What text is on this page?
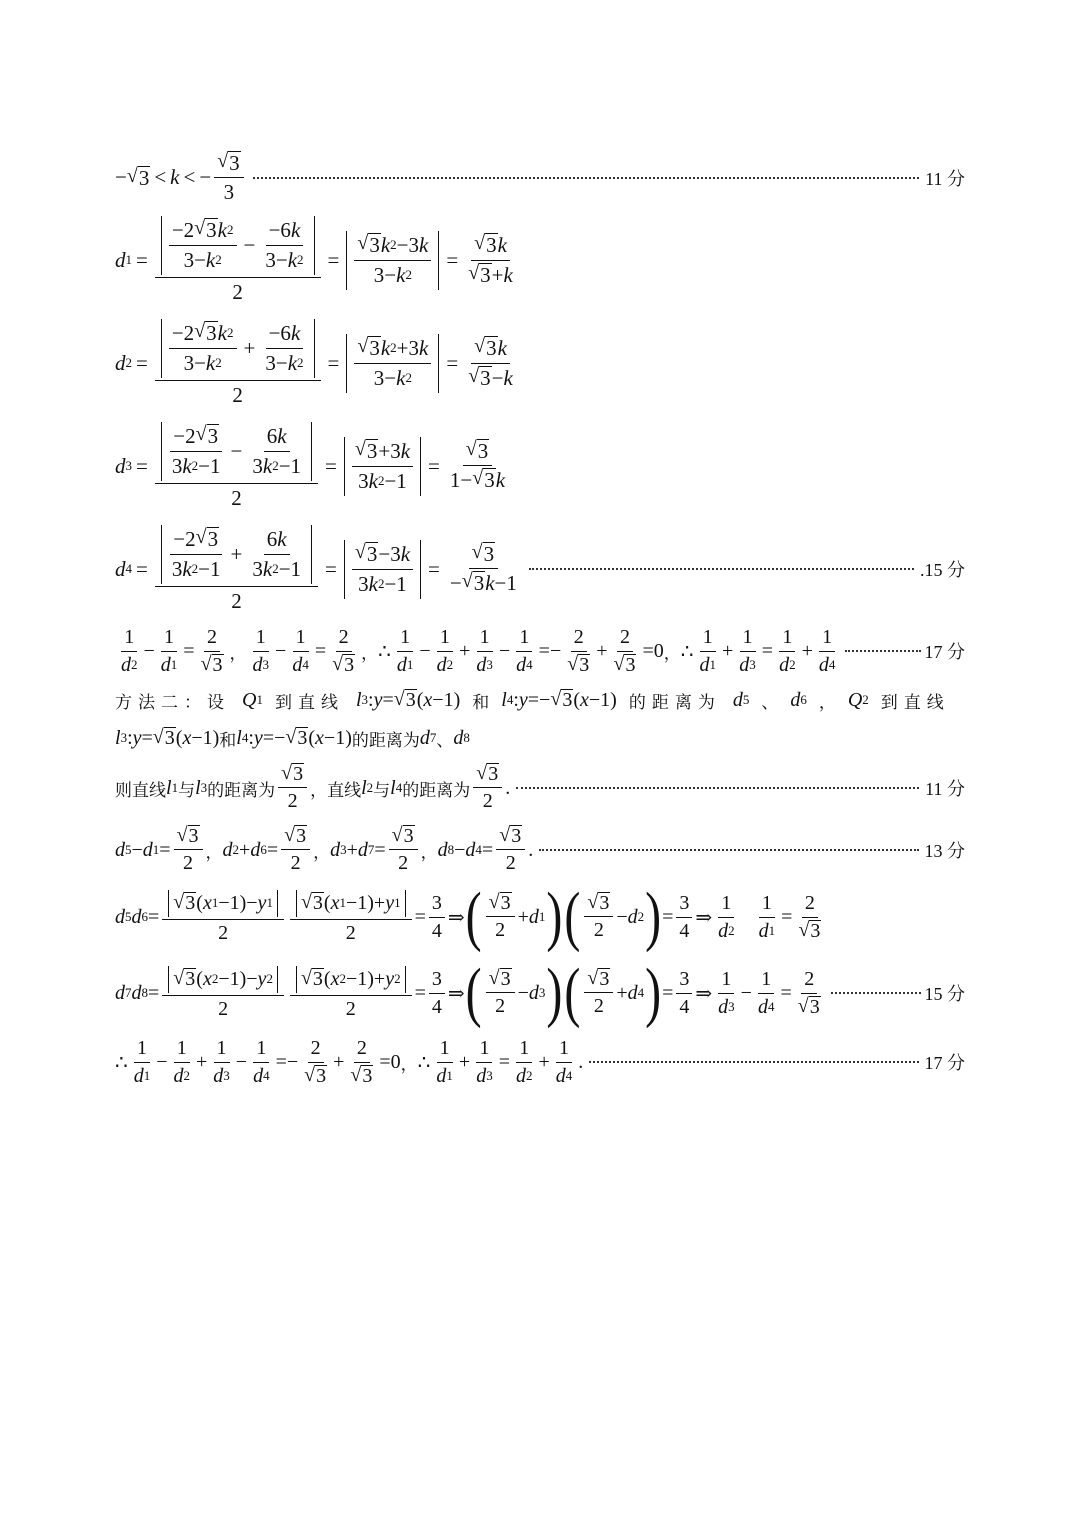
− √ 3 < k < − $\frac{√ 3}{3}$	11 分
d $1 = \frac{\frac{-2 √ 3 k 2}{3- k 2} - \frac{-6 k}{3- k 2}}{2} = \frac{√ 3 k 2 -3 k}{3- k 2} = \frac{√ 3 k}{√ 3 + k}$
d $2 = \frac{\frac{-2 √ 3 k 2}{3- k 2} + \frac{-6 k}{3- k 2}}{2} = \frac{√ 3 k 2 +3 k}{3- k 2} = \frac{√ 3 k}{√ 3 - k}$
d $3 = \frac{\frac{-2 √ 3}{3 k 2 -1} - \frac{6 k}{3 k 2 -1}}{2} = \frac{√ 3 +3 k}{3 k 2 -1} = \frac{√ 3}{1- √ 3 k}$
d $4 = \frac{\frac{-2 √ 3}{3 k 2 -1} + \frac{6 k}{3 k 2 -1}}{2} = \frac{√ 3 -3 k}{3 k 2 -1} = \frac{√ 3}{- √ 3 k -1}$	.15 分
$\frac{1}{d 2} - \frac{1}{d 1} = \frac{2}{√ 3}$ ， $\frac{1}{d 3} - \frac{1}{d 4} = \frac{2}{√ 3}$ ， ∴ $\frac{1}{d 1} - \frac{1}{d 2} + \frac{1}{d 3} - \frac{1}{d 4} =- \frac{2}{√ 3} + \frac{2}{√ 3} = 0$ ， ∴ $\frac{1}{d 1} + \frac{1}{d 3} = \frac{1}{d 2} + \frac{1}{d 4}$	17 分
方法二：设 Q 1 到直线 l 3 : y = √ 3 ( x −1) 和 l 4 : y =− √ 3 ( x −1) 的距离为 d 5 、 d 6 ， Q 2 到直线
l 3 : y = √ 3 ( x −1) 和 l 4 : y =− √ 3 ( x −1) 的距离为 d 7 、 d 8
则直线 l 1 与 l 3 的距离为 $\frac{√ 3}{2}$ ，直线 l 2 与 l 4 的距离为 $\frac{√ 3}{2}$ .	11 分
d 5 − d $1 = \frac{√ 3}{2}$ ， d 2 + d $6 = \frac{√ 3}{2}$ ， d 3 + d $7 = \frac{√ 3}{2}$ ， d 8 − d $4 = \frac{√ 3}{2}$ .	13 分
d 5 d $6 = \frac{√ 3 ( x 1 -1)- y 1}{2} \frac{√ 3 ( x 1 -1)+ y 1}{2} = \frac{3}{4}$ ⇒ ( $\frac{√ 3}{2} + d$ 1 ) ( $\frac{√ 3}{2} - d$ 2 ) = $\frac{3}{4}$ ⇒ $\frac{1}{d 2} \frac{1}{d 1} = \frac{2}{√ 3}$
d 7 d $8 = \frac{√ 3 ( x 2 -1)- y 2}{2} \frac{√ 3 ( x 2 -1)+ y 2}{2} = \frac{3}{4}$ ⇒ ( $\frac{√ 3}{2} - d$ 3 ) ( $\frac{√ 3}{2} + d$ 4 ) = $\frac{3}{4}$ ⇒ $\frac{1}{d 3} - \frac{1}{d 4} = \frac{2}{√ 3}$	15 分
∴ $\frac{1}{d 1} - \frac{1}{d 2} + \frac{1}{d 3} - \frac{1}{d 4} =- \frac{2}{√ 3} + \frac{2}{√ 3} = 0$ ， ∴ $\frac{1}{d 1} + \frac{1}{d 3} = \frac{1}{d 2} + \frac{1}{d 4}$ .	17 分
